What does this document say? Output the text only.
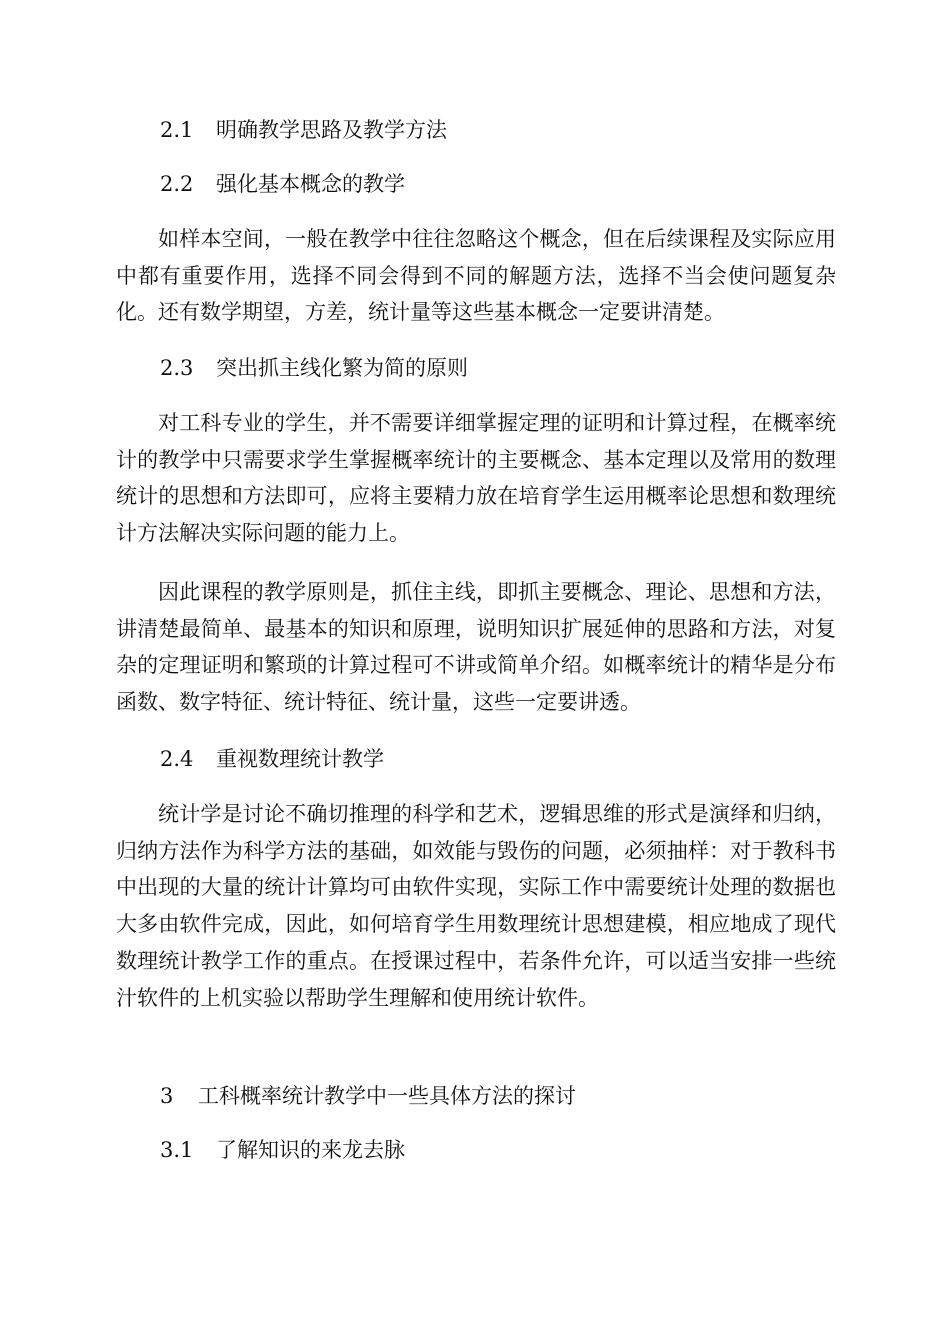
2.1 明确教学思路及教学方法
2.2 强化基本概念的教学

如样本空间，一般在教学中往往忽略这个概念，但在后续课程及实际应用中都有重要作用，选择不同会得到不同的解题方法，选择不当会使问题复杂化。还有数学期望，方差，统计量等这些基本概念一定要讲清楚。

2.3 突出抓主线化繁为简的原则

对工科专业的学生，并不需要详细掌握定理的证明和计算过程，在概率统计的教学中只需要求学生掌握概率统计的主要概念、基本定理以及常用的数理统计的思想和方法即可，应将主要精力放在培育学生运用概率论思想和数理统计方法解决实际问题的能力上。

因此课程的教学原则是，抓住主线，即抓主要概念、理论、思想和方法，讲清楚最简单、最基本的知识和原理，说明知识扩展延伸的思路和方法，对复杂的定理证明和繁琐的计算过程可不讲或简单介绍。如概率统计的精华是分布函数、数字特征、统计特征、统计量，这些一定要讲透。

2.4 重视数理统计教学

统计学是讨论不确切推理的科学和艺术，逻辑思维的形式是演绎和归纳，归纳方法作为科学方法的基础，如效能与毁伤的问题，必须抽样：对于教科书中出现的大量的统计计算均可由软件实现，实际工作中需要统计处理的数据也大多由软件完成，因此，如何培育学生用数理统计思想建模，相应地成了现代数理统计教学工作的重点。在授课过程中，若条件允许，可以适当安排一些统汁软件的上机实验以帮助学生理解和使用统计软件。

3 工科概率统计教学中一些具体方法的探讨
3.1 了解知识的来龙去脉
